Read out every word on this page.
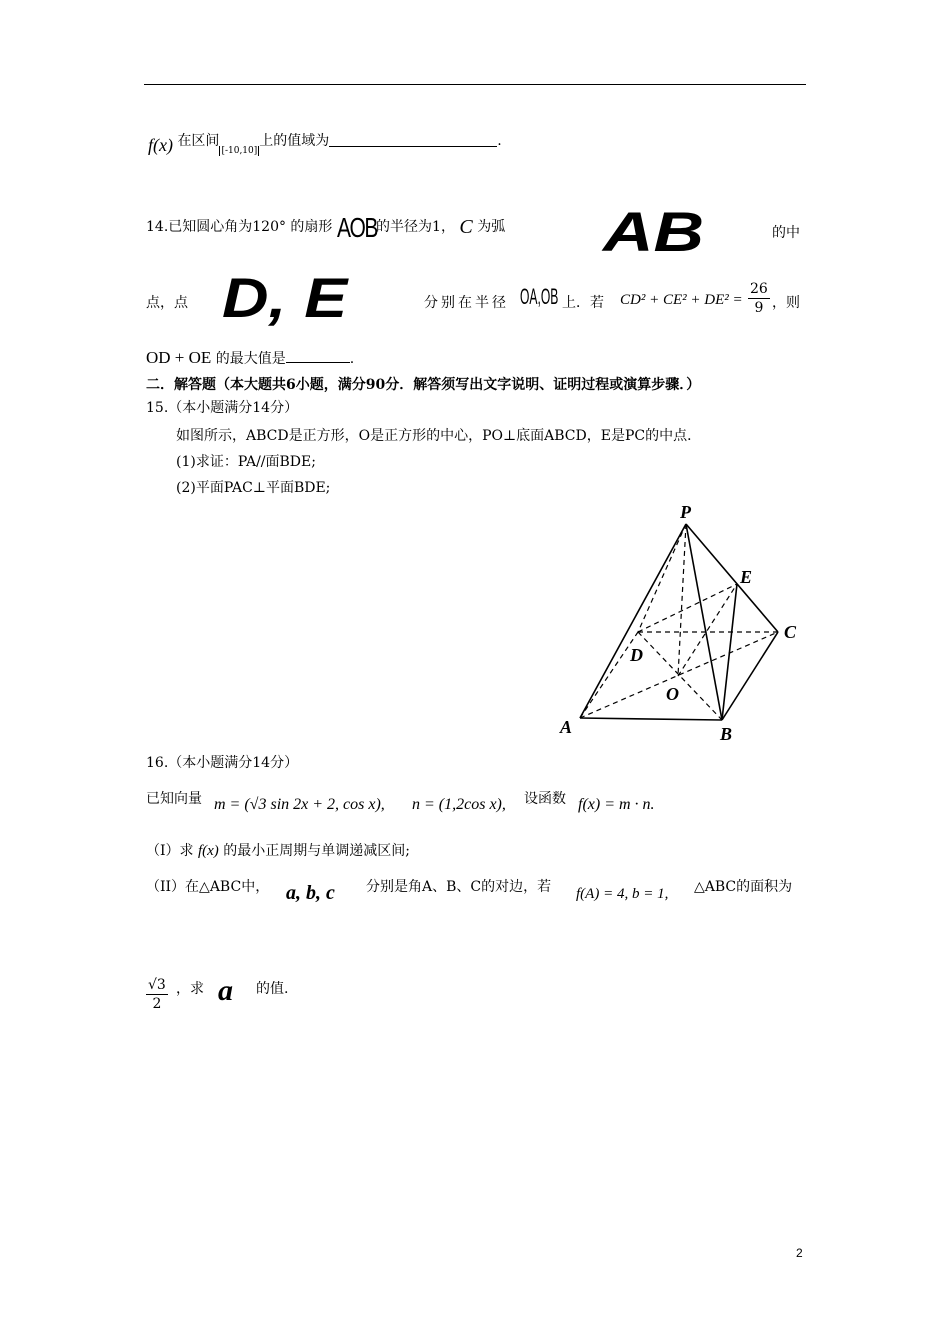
f(x) 在区间[-10,10]上的值域为	.
14.已知圆心角为120° 的扇形 AOB的半径为1， C 为弧 AB	的中
点，点 D, E	分别在半径 OA,OB 上．若 $CD^2 + CE^2 + DE^2 = \frac{26}{9}$ ，则
OD + OE 的最大值是	.
二．解答题（本大题共6小题，满分90分．解答须写出文字说明、证明过程或演算步骤．）
15.（本小题满分14分）
如图所示，ABCD是正方形，O是正方形的中心，PO⊥底面ABCD，E是PC的中点．
(1)求证：PA//面BDE;
(2)平面PAC⊥平面BDE;
P
E
C
D
O
A	B
16.（本小题满分14分）
已知向量 m = (√3 sin 2x + 2, cos x), n = (1,2cos x), 设函数 f(x) = m · n.
（I）求 f(x) 的最小正周期与单调递减区间;
（II）在△ABC中， a, b, c 分别是角A、B、C的对边，若 f(A) = 4, b = 1, △ABC的面积为
$\frac{√3}{2}$ ，求 a 的值.
2
